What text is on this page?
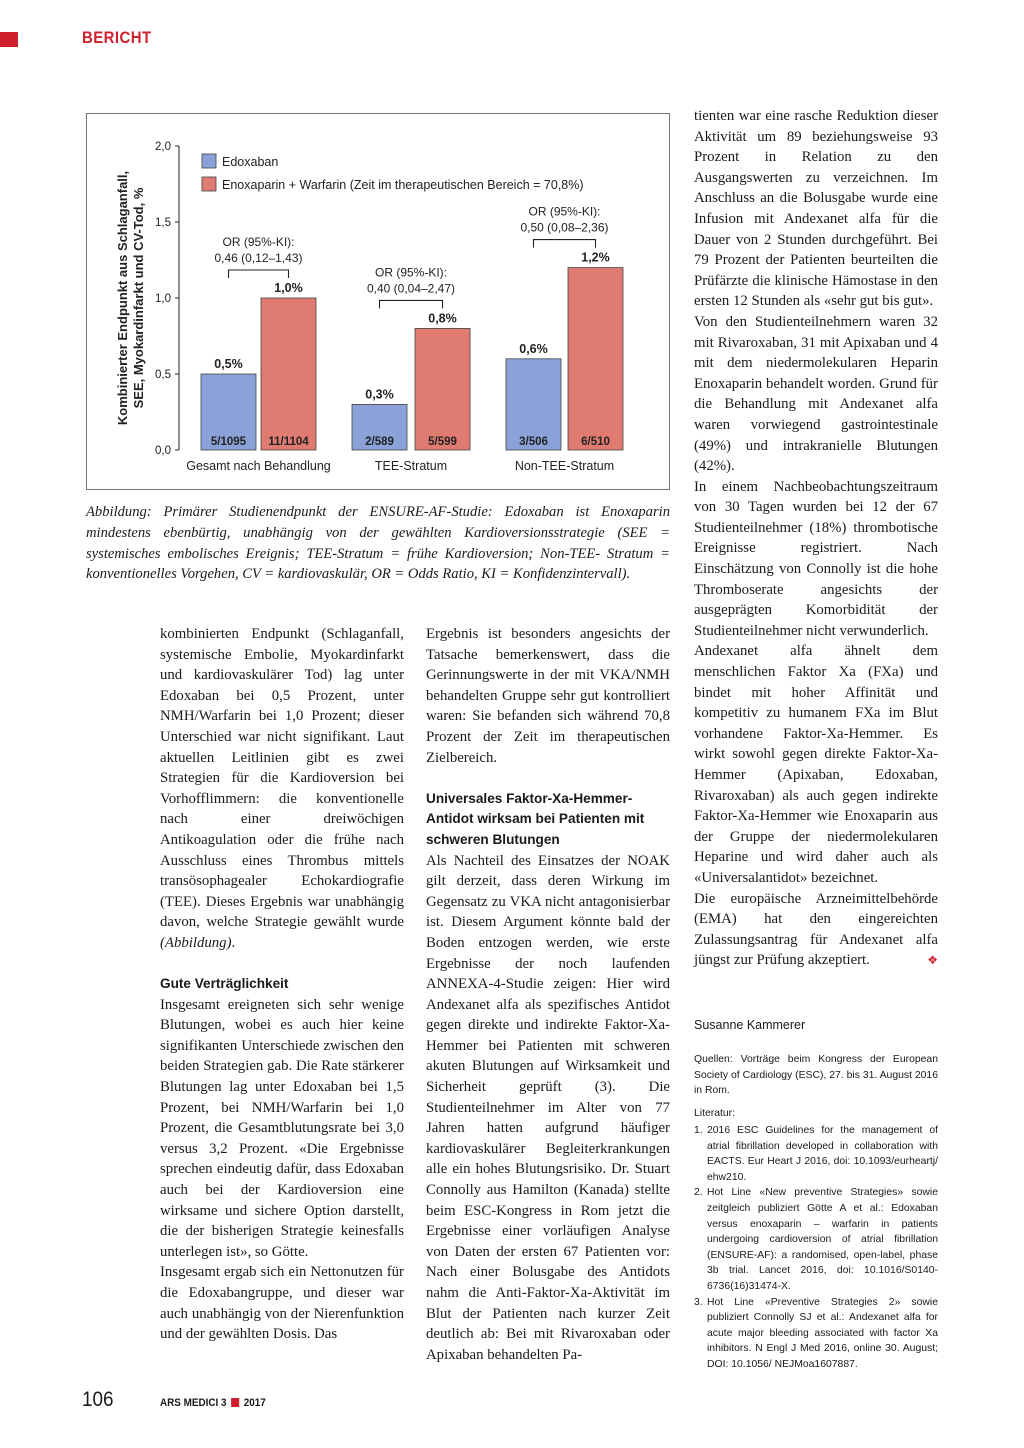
BERICHT
0,0
0,5
1,0
1,5
2,0
Kombinierter Endpunkt aus Schlaganfall,SEE, Myokardinfarkt und CV-Tod, %
Edoxaban
Enoxaparin + Warfarin (Zeit im therapeutischen Bereich = 70,8%)
0,5%
5/1095
1,0%
11/1104
Gesamt nach Behandlung
0,3%
2/589
0,8%
5/599
TEE-Stratum
0,6%
3/506
1,2%
6/510
Non-TEE-Stratum
OR (95%-KI):
0,46 (0,12–1,43)
OR (95%-KI):
0,40 (0,04–2,47)
OR (95%-KI):
0,50 (0,08–2,36)
Abbildung: Primärer Studienendpunkt der ENSURE-AF-Studie: Edoxaban ist Enoxaparin mindestens ebenbürtig, unabhängig von der gewählten Kardioversionsstrategie (SEE = systemisches embolisches Ereignis; TEE-Stratum = frühe Kardioversion; Non-TEE- Stratum = konventionelles Vorgehen, CV = kardiovaskulär, OR = Odds Ratio, KI = Konfidenzintervall).

kombinierten Endpunkt (Schlaganfall, systemische Embolie, Myokardinfarkt und kardiovaskulärer Tod) lag unter Edoxaban bei 0,5 Prozent, unter NMH/Warfarin bei 1,0 Prozent; dieser Unterschied war nicht signifikant. Laut aktuellen Leitlinien gibt es zwei Strategien für die Kardioversion bei Vorhofflimmern: die konventionelle nach einer dreiwöchigen Antikoagulation oder die frühe nach Ausschluss eines Thrombus mittels transösophagealer Echokardiografie (TEE). Dieses Ergebnis war unabhängig davon, welche Strategie gewählt wurde (Abbildung).

Gute Verträglichkeit

Insgesamt ereigneten sich sehr wenige Blutungen, wobei es auch hier keine signifikanten Unterschiede zwischen den beiden Strategien gab. Die Rate stärkerer Blutungen lag unter Edoxaban bei 1,5 Prozent, bei NMH/Warfarin bei 1,0 Prozent, die Gesamtblutungsrate bei 3,0 versus 3,2 Prozent. «Die Ergebnisse sprechen eindeutig dafür, dass Edoxaban auch bei der Kardioversion eine wirksame und sichere Option darstellt, die der bisherigen Strategie keinesfalls unterlegen ist», so Götte.

Insgesamt ergab sich ein Nettonutzen für die Edoxabangruppe, und dieser war auch unabhängig von der Nierenfunktion und der gewählten Dosis. Das

Ergebnis ist besonders angesichts der Tatsache bemerkenswert, dass die Gerinnungswerte in der mit VKA/NMH behandelten Gruppe sehr gut kontrolliert waren: Sie befanden sich während 70,8 Prozent der Zeit im therapeutischen Zielbereich.

Universales Faktor-Xa-Hemmer-Antidot wirksam bei Patienten mit schweren Blutungen

Als Nachteil des Einsatzes der NOAK gilt derzeit, dass deren Wirkung im Gegensatz zu VKA nicht antagonisierbar ist. Diesem Argument könnte bald der Boden entzogen werden, wie erste Ergebnisse der noch laufenden ANNEXA-4-Studie zeigen: Hier wird Andexanet alfa als spezifisches Antidot gegen direkte und indirekte Faktor-Xa-Hemmer bei Patienten mit schweren akuten Blutungen auf Wirksamkeit und Sicherheit geprüft (3). Die Studienteilnehmer im Alter von 77 Jahren hatten aufgrund häufiger kardiovaskulärer Begleiterkrankungen alle ein hohes Blutungsrisiko. Dr. Stuart Connolly aus Hamilton (Kanada) stellte beim ESC-Kongress in Rom jetzt die Ergebnisse einer vorläufigen Analyse von Daten der ersten 67 Patienten vor: Nach einer Bolusgabe des Antidots nahm die Anti-Faktor-Xa-Aktivität im Blut der Patienten nach kurzer Zeit deutlich ab: Bei mit Rivaroxaban oder Apixaban behandelten Pa-

tienten war eine rasche Reduktion dieser Aktivität um 89 beziehungsweise 93 Prozent in Relation zu den Ausgangswerten zu verzeichnen. Im Anschluss an die Bolusgabe wurde eine Infusion mit Andexanet alfa für die Dauer von 2 Stunden durchgeführt. Bei 79 Prozent der Patienten beurteilten die Prüfärzte die klinische Hämostase in den ersten 12 Stunden als «sehr gut bis gut».

Von den Studienteilnehmern waren 32 mit Rivaroxaban, 31 mit Apixaban und 4 mit dem niedermolekularen Heparin Enoxaparin behandelt worden. Grund für die Behandlung mit Andexanet alfa waren vorwiegend gastrointestinale (49%) und intrakranielle Blutungen (42%).

In einem Nachbeobachtungszeitraum von 30 Tagen wurden bei 12 der 67 Studienteilnehmer (18%) thrombotische Ereignisse registriert. Nach Einschätzung von Connolly ist die hohe Thromboserate angesichts der ausgeprägten Komorbidität der Studienteilnehmer nicht verwunderlich.

Andexanet alfa ähnelt dem menschlichen Faktor Xa (FXa) und bindet mit hoher Affinität und kompetitiv zu humanem FXa im Blut vorhandene Faktor-Xa-Hemmer. Es wirkt sowohl gegen direkte Faktor-Xa-Hemmer (Apixaban, Edoxaban, Rivaroxaban) als auch gegen indirekte Faktor-Xa-Hemmer wie Enoxaparin aus der Gruppe der niedermolekularen Heparine und wird daher auch als «Universalantidot» bezeichnet.

Die europäische Arzneimittelbehörde (EMA) hat den eingereichten Zulassungsantrag für Andexanet alfa jüngst zur Prüfung akzeptiert.	❖

Susanne Kammerer
Quellen: Vorträge beim Kongress der European Society of Cardiology (ESC), 27. bis 31. August 2016 in Rom.
Literatur:
1. 2016 ESC Guidelines for the management of atrial fibrillation developed in collaboration with EACTS. Eur Heart J 2016, doi: 10.1093/eurheartj/ ehw210.
2. Hot Line «New preventive Strategies» sowie zeitgleich publiziert Götte A et al.: Edoxaban versus enoxaparin – warfarin in patients undergoing cardioversion of atrial fibrillation (ENSURE-AF): a randomised, open-label, phase 3b trial. Lancet 2016, doi: 10.1016/S0140-6736(16)31474-X.
3. Hot Line «Preventive Strategies 2» sowie publiziert Connolly SJ et al.: Andexanet alfa for acute major bleeding associated with factor Xa inhibitors. N Engl J Med 2016, online 30. August; DOI: 10.1056/ NEJMoa1607887.
106	ARS MEDICI 3 2017
